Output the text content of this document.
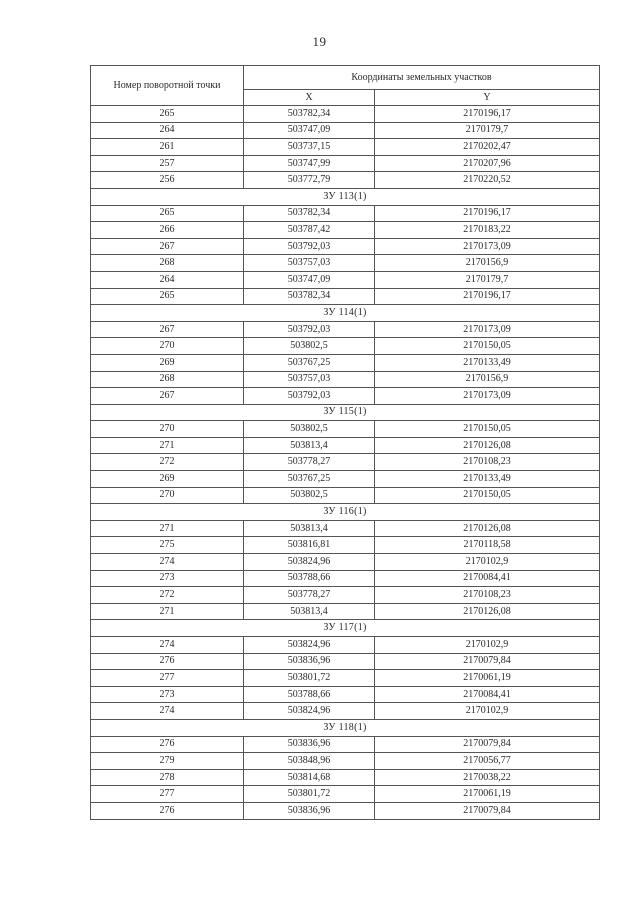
19
Номер поворотной точки	Координаты земельных участков	
	X	Y
265	503782,34	2170196,17
264	503747,09	2170179,7
261	503737,15	2170202,47
257	503747,99	2170207,96
256	503772,79	2170220,52
ЗУ 113(1)		
265	503782,34	2170196,17
266	503787,42	2170183,22
267	503792,03	2170173,09
268	503757,03	2170156,9
264	503747,09	2170179,7
265	503782,34	2170196,17
ЗУ 114(1)		
267	503792,03	2170173,09
270	503802,5	2170150,05
269	503767,25	2170133,49
268	503757,03	2170156,9
267	503792,03	2170173,09
ЗУ 115(1)		
270	503802,5	2170150,05
271	503813,4	2170126,08
272	503778,27	2170108,23
269	503767,25	2170133,49
270	503802,5	2170150,05
ЗУ 116(1)		
271	503813,4	2170126,08
275	503816,81	2170118,58
274	503824,96	2170102,9
273	503788,66	2170084,41
272	503778,27	2170108,23
271	503813,4	2170126,08
ЗУ 117(1)		
274	503824,96	2170102,9
276	503836,96	2170079,84
277	503801,72	2170061,19
273	503788,66	2170084,41
274	503824,96	2170102,9
ЗУ 118(1)		
276	503836,96	2170079,84
279	503848,96	2170056,77
278	503814,68	2170038,22
277	503801,72	2170061,19
276	503836,96	2170079,84
